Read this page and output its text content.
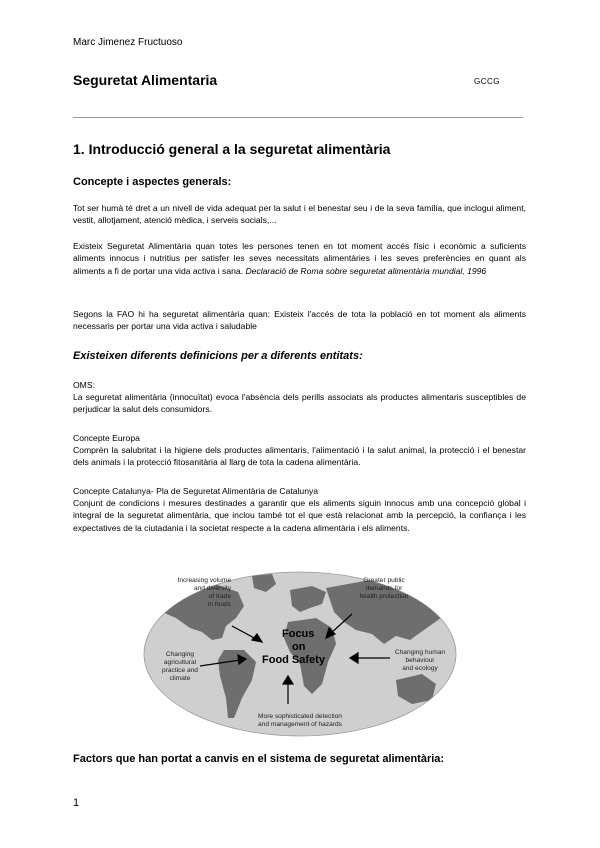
Marc Jimenez Fructuoso
Seguretat Alimentaria	GCCG
1. Introducció general a la seguretat alimentària
Concepte i aspectes generals:
Tot ser humà té dret a un nivell de vida adequat per la salut i el benestar seu i de la seva família, que inclogui aliment, vestit, allotjament, atenció mèdica, i serveis socials,...
Existeix Seguretat Alimentària quan totes les persones tenen en tot moment accés físic i econòmic a suficients aliments innocus i nutritius per satisfer les seves necessitats alimentàries i les seves preferències en quant als aliments a fi de portar una vida activa i sana. Declaració de Roma sobre seguretat alimentària mundial, 1996
Segons la FAO hi ha seguretat alimentària quan: Existeix l'accés de tota la població en tot moment als aliments necessaris per portar una vida activa i saludable
Existeixen diferents definicions per a diferents entitats:
OMS:
La seguretat alimentària (innocuïtat) evoca l'absència dels perills associats als productes alimentaris susceptibles de perjudicar la salut dels consumidors.
Concepte Europa
Comprèn la salubritat i la higiene dels productes alimentaris, l'alimentació i la salut animal, la protecció i el benestar dels animals i la protecció fitosanitària al llarg de tota la cadena alimentària.
Concepte Catalunya- Pla de Seguretat Alimentària de Catalunya
Conjunt de condicions i mesures destinades a garantir que els aliments siguin innocus amb una concepció global i integral de la seguretat alimentària, que inclou també tot el que està relacionat amb la percepció, la confiança i les expectatives de la ciutadania i la societat respecte a la cadena alimentària i els aliments.
Focus
on
Food Safety
Increasing volume
and diversity
of trade
in foods
Greater public
demands for
health protection
Changing
agricultural
practice and
climate
Changing human
behaviour
and ecology
More sophisticated detection
and management of hazards
Factors que han portat a canvis en el sistema de seguretat alimentària:
1
